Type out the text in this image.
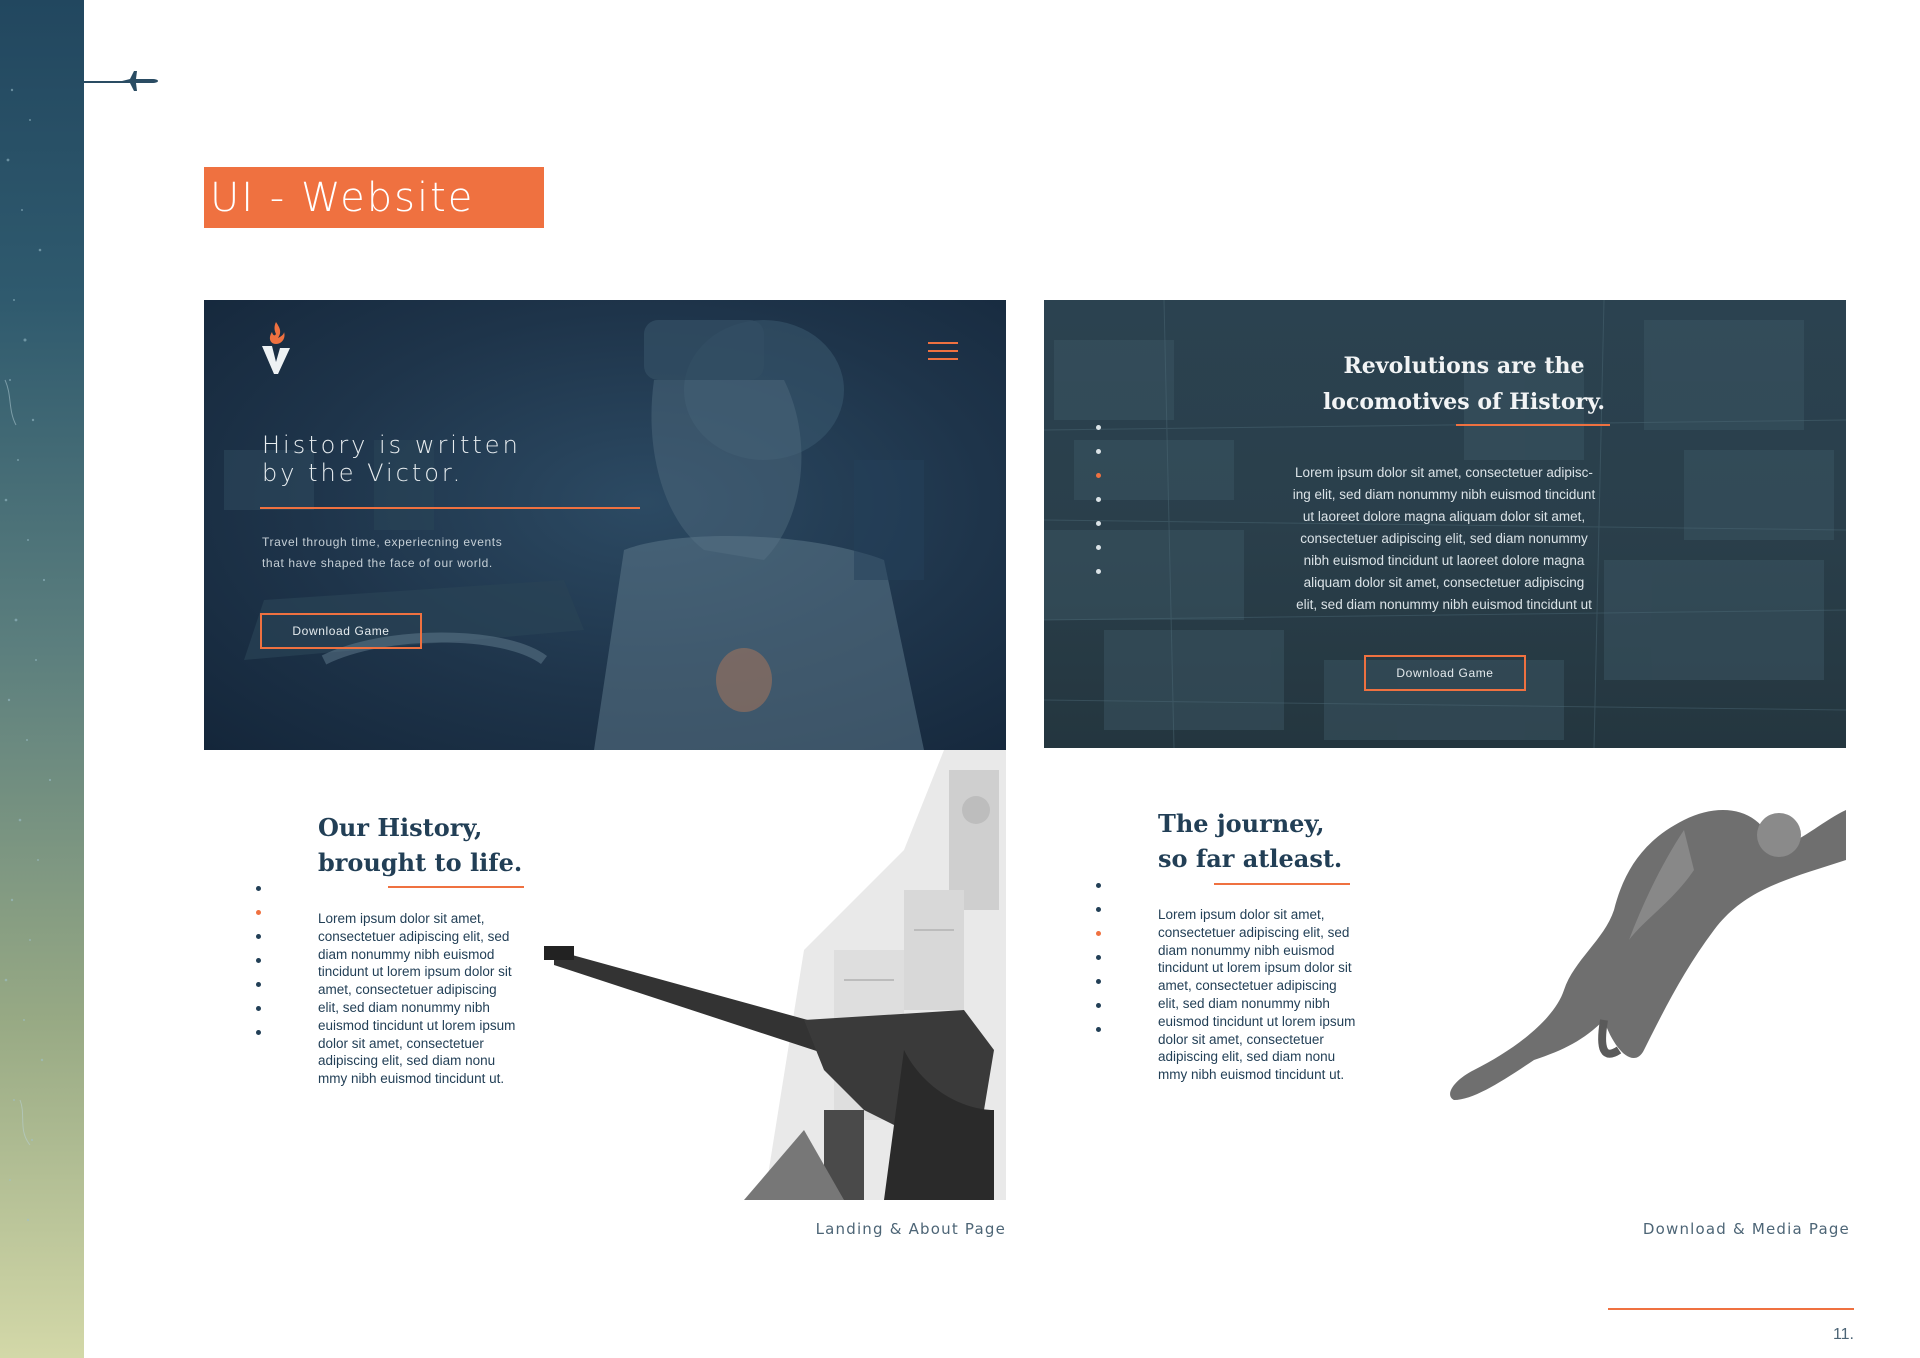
UI - Website
History is written
by the Victor.
Travel through time, experiecning events
that have shaped the face of our world.
Download Game
Revolutions are the
locomotives of History.
Lorem ipsum dolor sit amet, consectetuer adipisc-
ing elit, sed diam nonummy nibh euismod tincidunt
ut laoreet dolore magna aliquam dolor sit amet,
consectetuer adipiscing elit, sed diam nonummy
nibh euismod tincidunt ut laoreet dolore magna
aliquam dolor sit amet, consectetuer adipiscing
elit, sed diam nonummy nibh euismod tincidunt ut
Download Game
Our History,
brought to life.
Lorem ipsum dolor sit amet,
consectetuer adipiscing elit, sed
diam nonummy nibh euismod
tincidunt ut lorem ipsum dolor sit
amet, consectetuer adipiscing
elit, sed diam nonummy nibh
euismod tincidunt ut lorem ipsum
dolor sit amet, consectetuer
adipiscing elit, sed diam nonu
mmy nibh euismod tincidunt ut.
The journey,
so far atleast.
Lorem ipsum dolor sit amet,
consectetuer adipiscing elit, sed
diam nonummy nibh euismod
tincidunt ut lorem ipsum dolor sit
amet, consectetuer adipiscing
elit, sed diam nonummy nibh
euismod tincidunt ut lorem ipsum
dolor sit amet, consectetuer
adipiscing elit, sed diam nonu
mmy nibh euismod tincidunt ut.
Landing & About Page	Download & Media Page
11.
